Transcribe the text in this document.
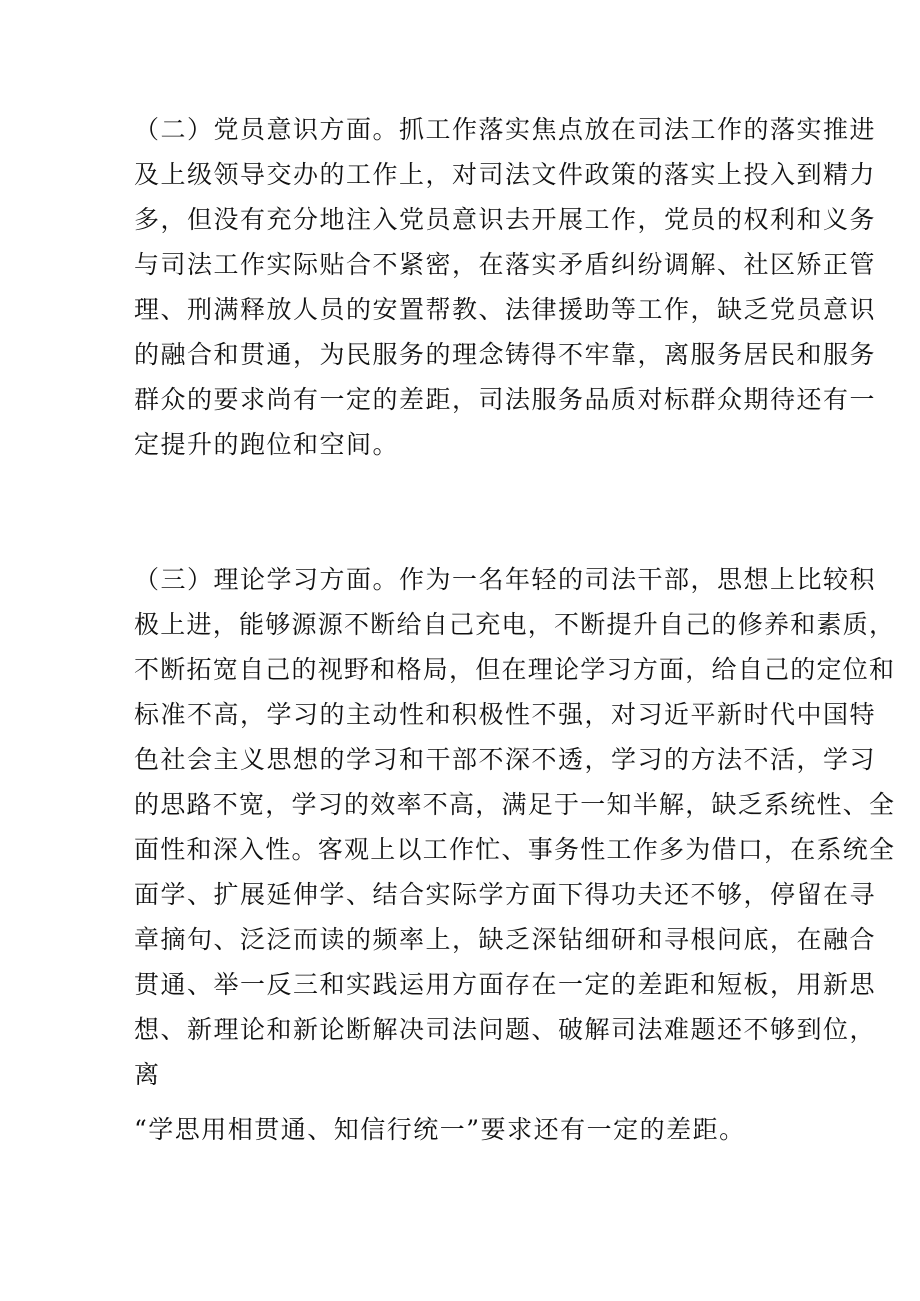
（二）党员意识方面。抓工作落实焦点放在司法工作的落实推进
及上级领导交办的工作上，对司法文件政策的落实上投入到精力
多，但没有充分地注入党员意识去开展工作，党员的权利和义务
与司法工作实际贴合不紧密，在落实矛盾纠纷调解、社区矫正管
理、刑满释放人员的安置帮教、法律援助等工作，缺乏党员意识
的融合和贯通，为民服务的理念铸得不牢靠，离服务居民和服务
群众的要求尚有一定的差距，司法服务品质对标群众期待还有一
定提升的跑位和空间。
（三）理论学习方面。作为一名年轻的司法干部，思想上比较积
极上进，能够源源不断给自己充电，不断提升自己的修养和素质，
不断拓宽自己的视野和格局，但在理论学习方面，给自己的定位和
标准不高，学习的主动性和积极性不强，对习近平新时代中国特
色社会主义思想的学习和干部不深不透，学习的方法不活，学习
的思路不宽，学习的效率不高，满足于一知半解，缺乏系统性、全
面性和深入性。客观上以工作忙、事务性工作多为借口，在系统全
面学、扩展延伸学、结合实际学方面下得功夫还不够，停留在寻
章摘句、泛泛而读的频率上，缺乏深钻细研和寻根问底，在融合
贯通、举一反三和实践运用方面存在一定的差距和短板，用新思
想、新理论和新论断解决司法问题、破解司法难题还不够到位，
离
“学思用相贯通、知信行统一”要求还有一定的差距。
